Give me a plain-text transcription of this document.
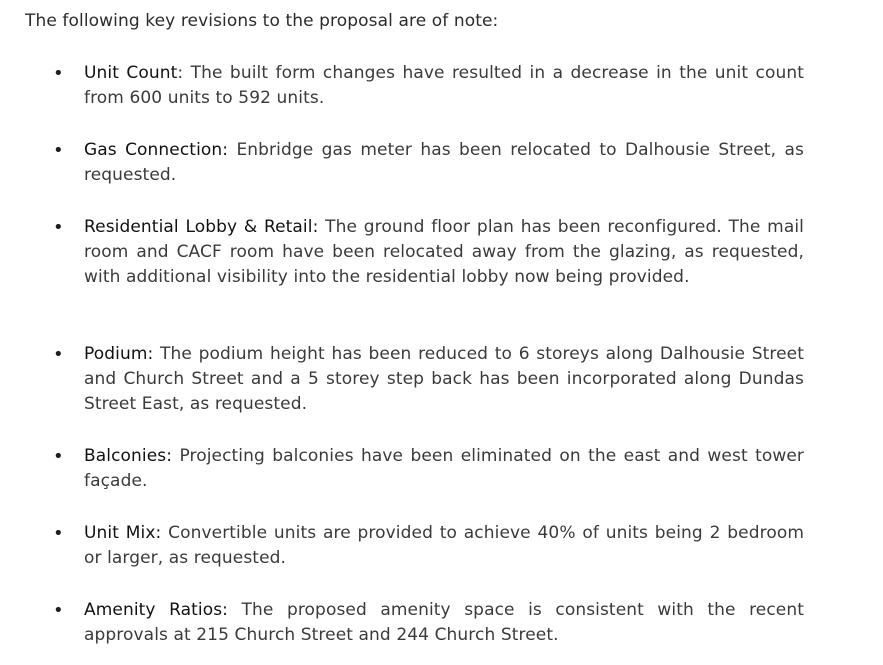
The following key revisions to the proposal are of note:

• Unit Count: The built form changes have resulted in a decrease in the unit count from 600 units to 592 units.

• Gas Connection: Enbridge gas meter has been relocated to Dalhousie Street, as requested.

• Residential Lobby & Retail: The ground floor plan has been reconfigured. The mail room and CACF room have been relocated away from the glazing, as requested, with additional visibility into the residential lobby now being provided.

• Podium: The podium height has been reduced to 6 storeys along Dalhousie Street and Church Street and a 5 storey step back has been incorporated along Dundas Street East, as requested.

• Balconies: Projecting balconies have been eliminated on the east and west tower façade.

• Unit Mix: Convertible units are provided to achieve 40% of units being 2 bedroom or larger, as requested.

• Amenity Ratios: The proposed amenity space is consistent with the recent approvals at 215 Church Street and 244 Church Street.
